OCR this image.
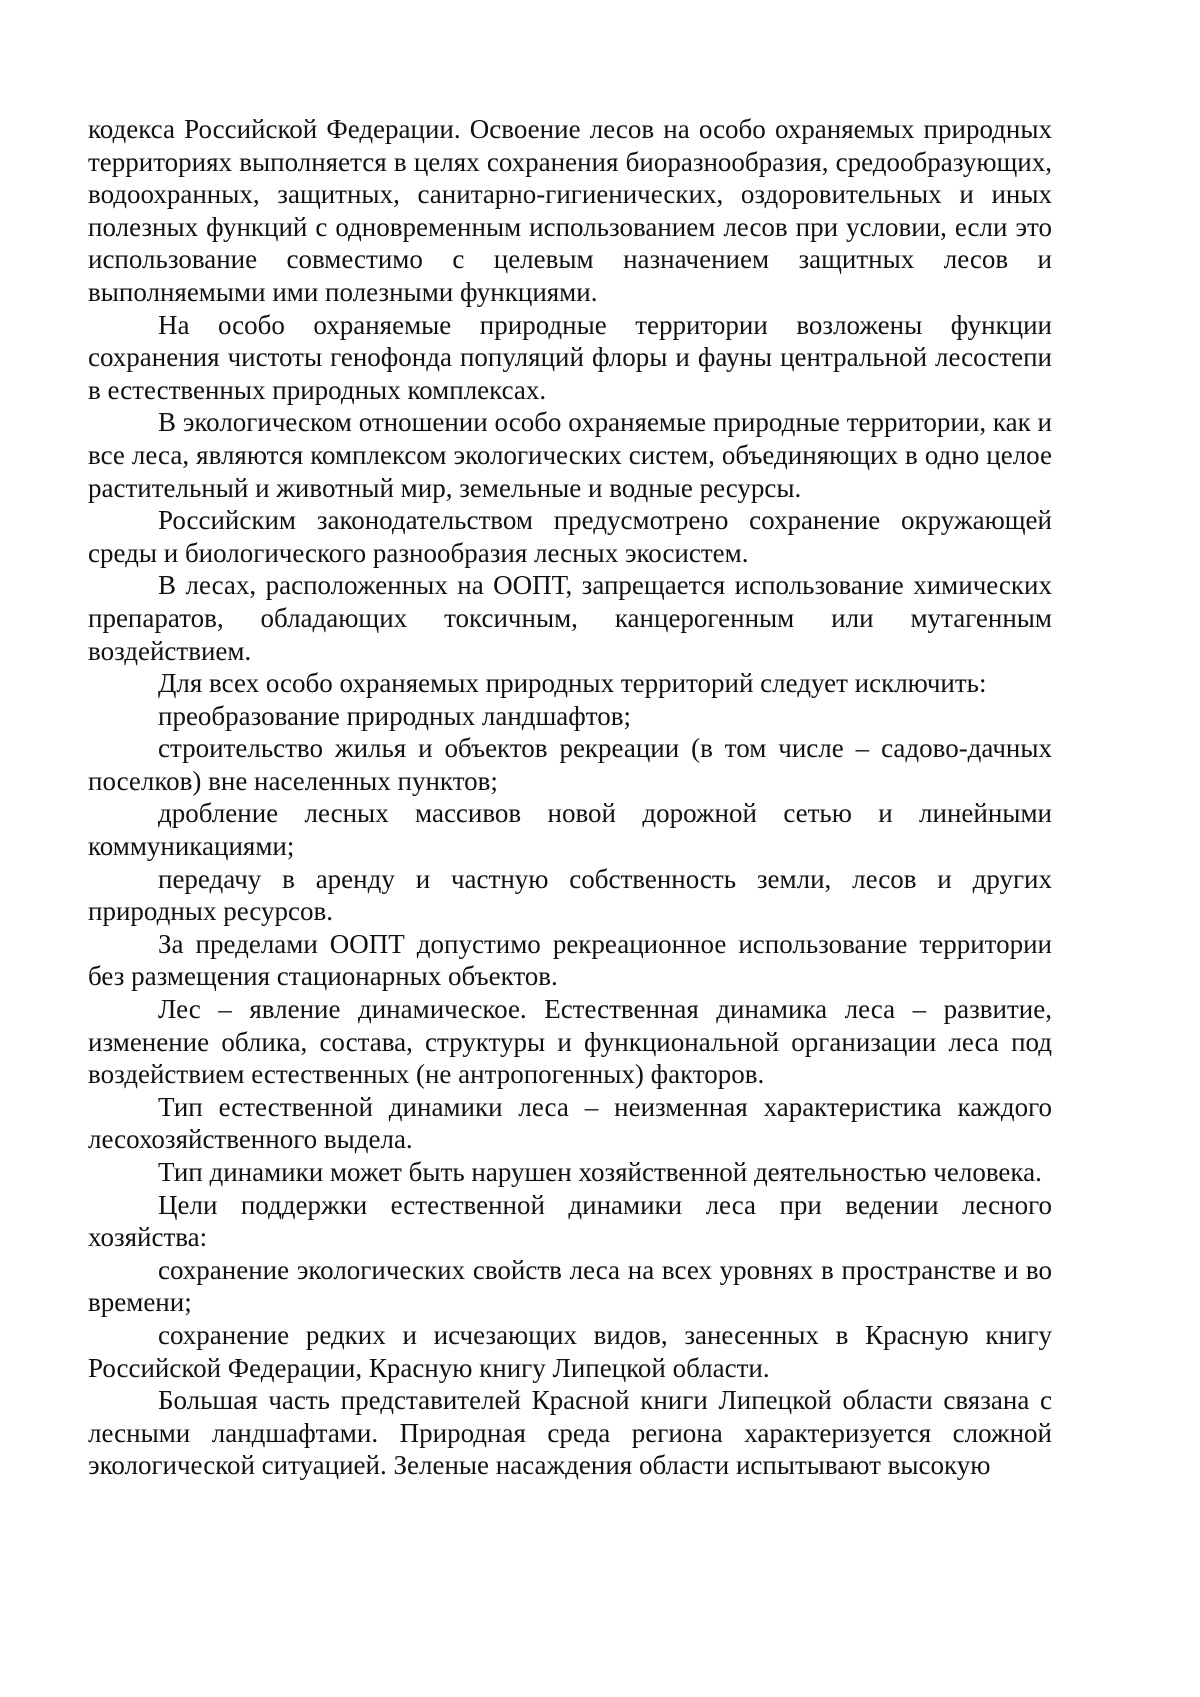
кодекса Российской Федерации. Освоение лесов на особо охраняемых природных территориях выполняется в целях сохранения биоразнообразия, средообразующих, водоохранных, защитных, санитарно-гигиенических, оздоровительных и иных полезных функций с одновременным использованием лесов при условии, если это использование совместимо с целевым назначением защитных лесов и выполняемыми ими полезными функциями.

На особо охраняемые природные территории возложены функции сохранения чистоты генофонда популяций флоры и фауны центральной лесостепи в естественных природных комплексах.

В экологическом отношении особо охраняемые природные территории, как и все леса, являются комплексом экологических систем, объединяющих в одно целое растительный и животный мир, земельные и водные ресурсы.

Российским законодательством предусмотрено сохранение окружающей среды и биологического разнообразия лесных экосистем.

В лесах, расположенных на ООПТ, запрещается использование химических препаратов, обладающих токсичным, канцерогенным или мутагенным воздействием.

Для всех особо охраняемых природных территорий следует исключить:

преобразование природных ландшафтов;

строительство жилья и объектов рекреации (в том числе – садово-дачных поселков) вне населенных пунктов;

дробление лесных массивов новой дорожной сетью и линейными коммуникациями;

передачу в аренду и частную собственность земли, лесов и других природных ресурсов.

За пределами ООПТ допустимо рекреационное использование территории без размещения стационарных объектов.

Лес – явление динамическое. Естественная динамика леса – развитие, изменение облика, состава, структуры и функциональной организации леса под воздействием естественных (не антропогенных) факторов.

Тип естественной динамики леса – неизменная характеристика каждого лесохозяйственного выдела.

Тип динамики может быть нарушен хозяйственной деятельностью человека.

Цели поддержки естественной динамики леса при ведении лесного хозяйства:

сохранение экологических свойств леса на всех уровнях в пространстве и во времени;

сохранение редких и исчезающих видов, занесенных в Красную книгу Российской Федерации, Красную книгу Липецкой области.

Большая часть представителей Красной книги Липецкой области связана с лесными ландшафтами. Природная среда региона характеризуется сложной экологической ситуацией. Зеленые насаждения области испытывают высокую
